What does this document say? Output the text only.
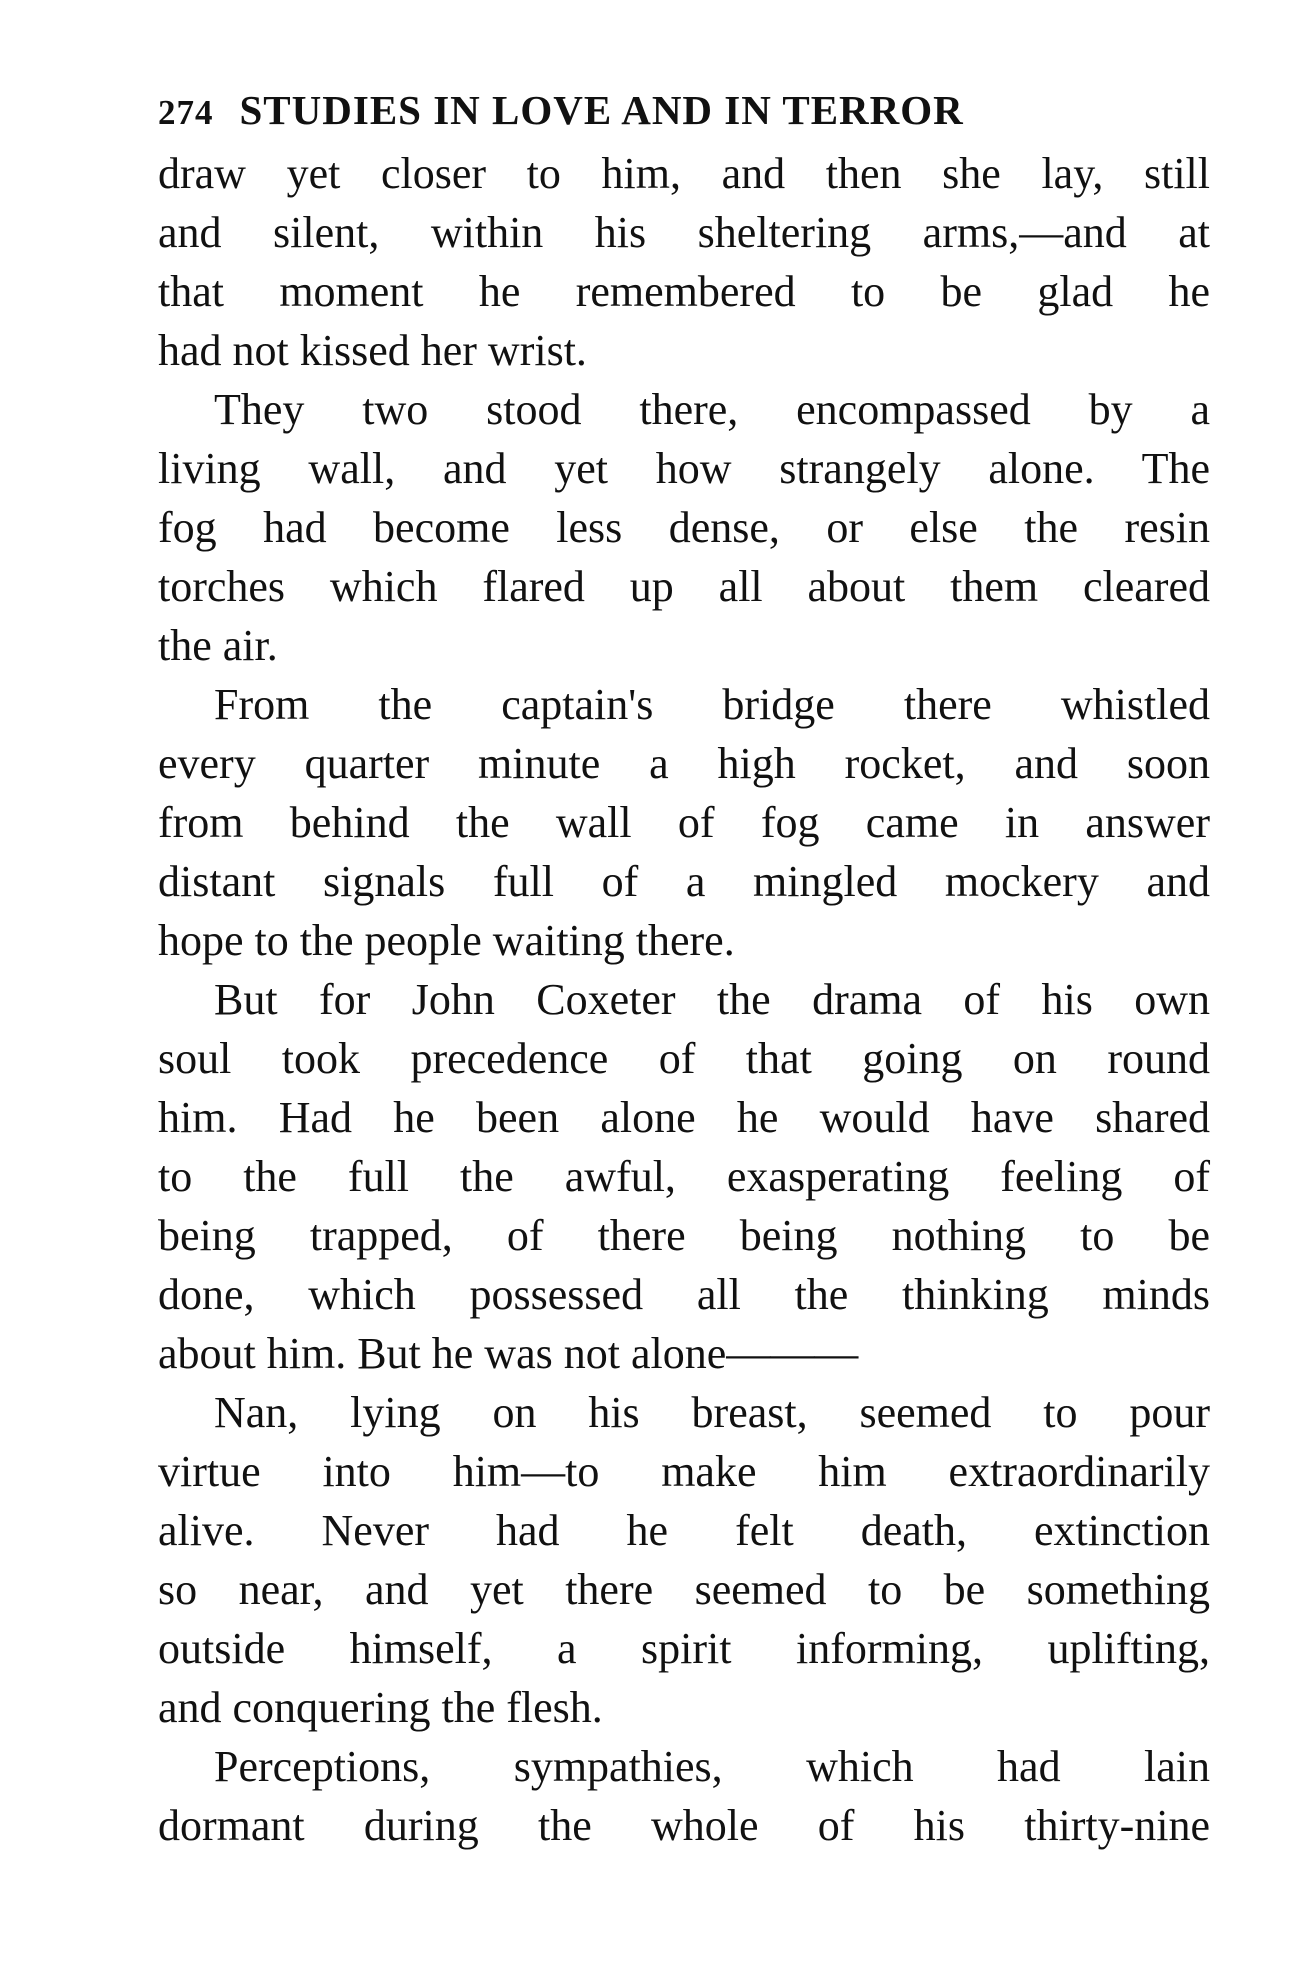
274 STUDIES IN LOVE AND IN TERROR
draw yet closer to him, and then she lay, still
and silent, within his sheltering arms,—and at
that moment he remembered to be glad he
had not kissed her wrist.
They two stood there, encompassed by a
living wall, and yet how strangely alone. The
fog had become less dense, or else the resin
torches which flared up all about them cleared
the air.
From the captain's bridge there whistled
every quarter minute a high rocket, and soon
from behind the wall of fog came in answer
distant signals full of a mingled mockery and
hope to the people waiting there.
But for John Coxeter the drama of his own
soul took precedence of that going on round
him. Had he been alone he would have shared
to the full the awful, exasperating feeling of
being trapped, of there being nothing to be
done, which possessed all the thinking minds
about him. But he was not alone———
Nan, lying on his breast, seemed to pour
virtue into him—to make him extraordinarily
alive. Never had he felt death, extinction
so near, and yet there seemed to be something
outside himself, a spirit informing, uplifting,
and conquering the flesh.
Perceptions, sympathies, which had lain
dormant during the whole of his thirty-nine
